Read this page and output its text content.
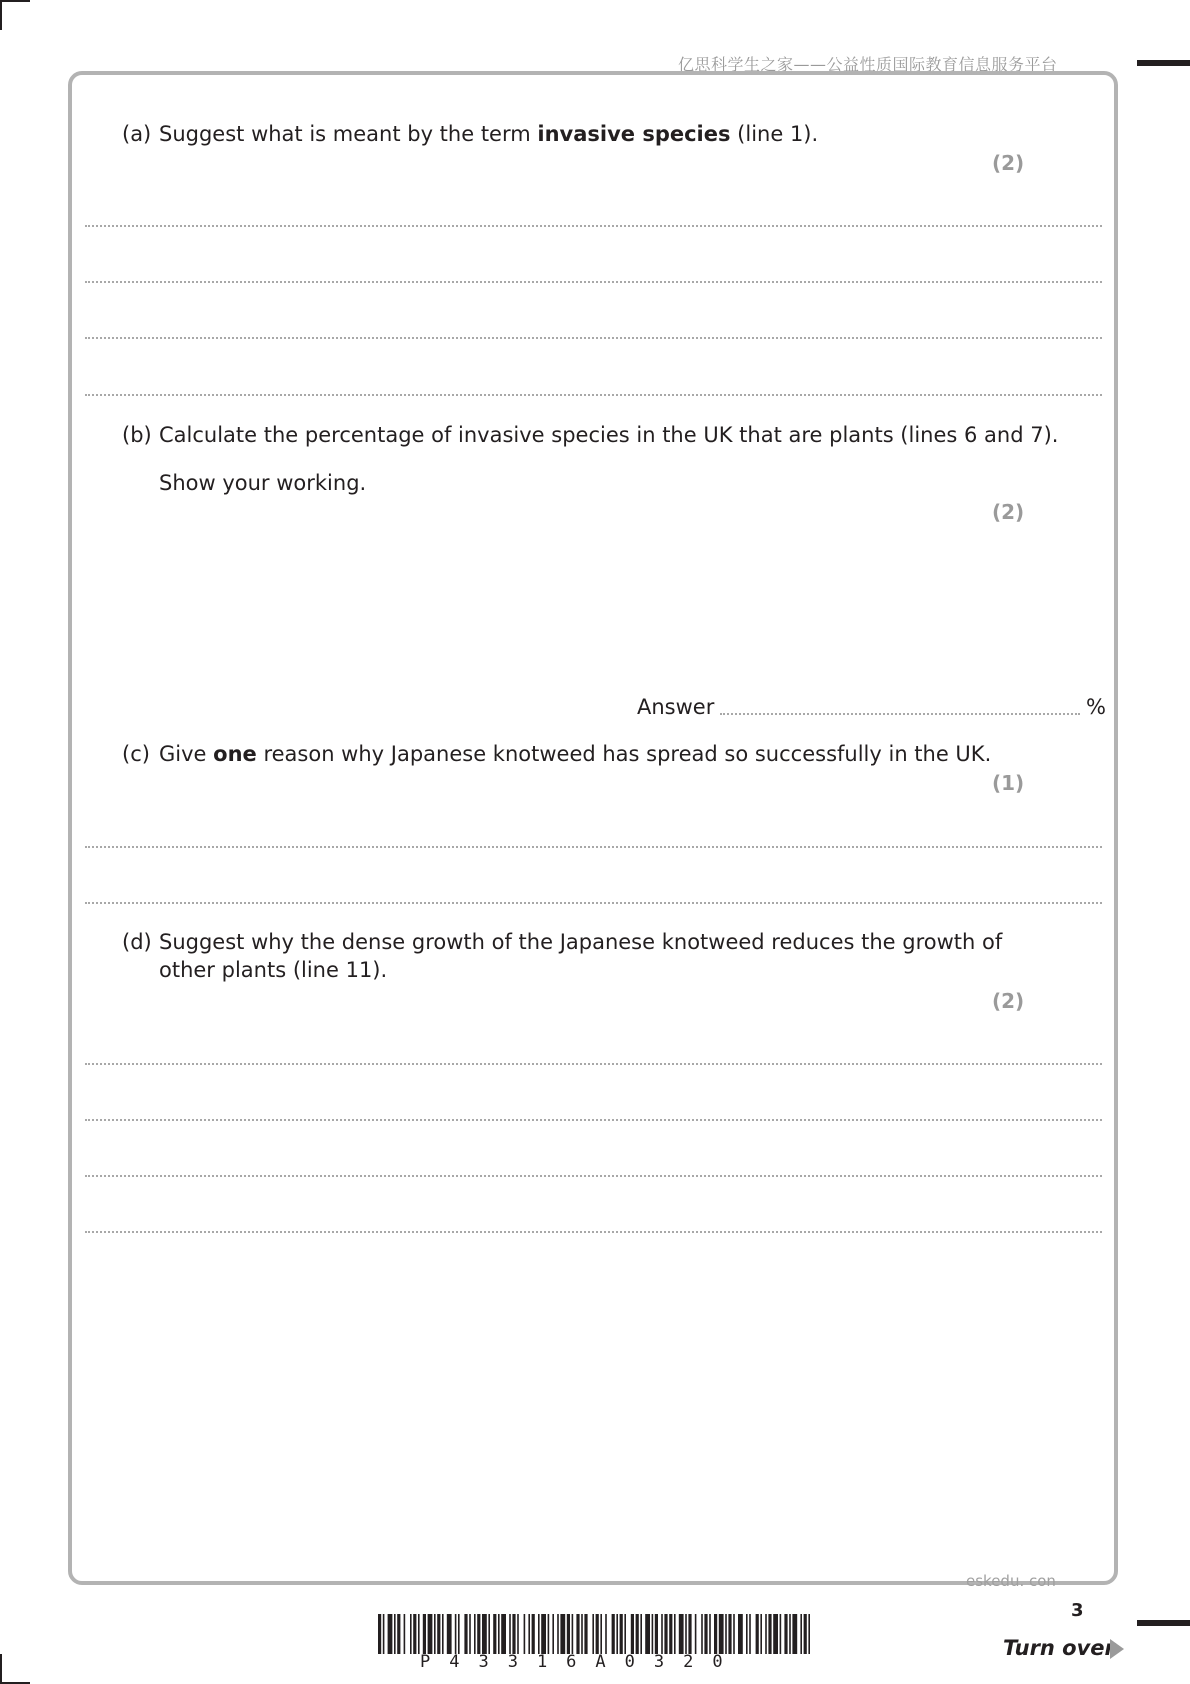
亿思科学生之家——公益性质国际教育信息服务平台
(a) Suggest what is meant by the term invasive species (line 1).
(2)
(b) Calculate the percentage of invasive species in the UK that are plants (lines 6 and 7).
Show your working.
(2)
Answer	%
(c) Give one reason why Japanese knotweed has spread so successfully in the UK.
(1)
(d) Suggest why the dense growth of the Japanese knotweed reduces the growth of
other plants (line 11).
(2)
eskedu. con
3
P43316A0320
Turn over
